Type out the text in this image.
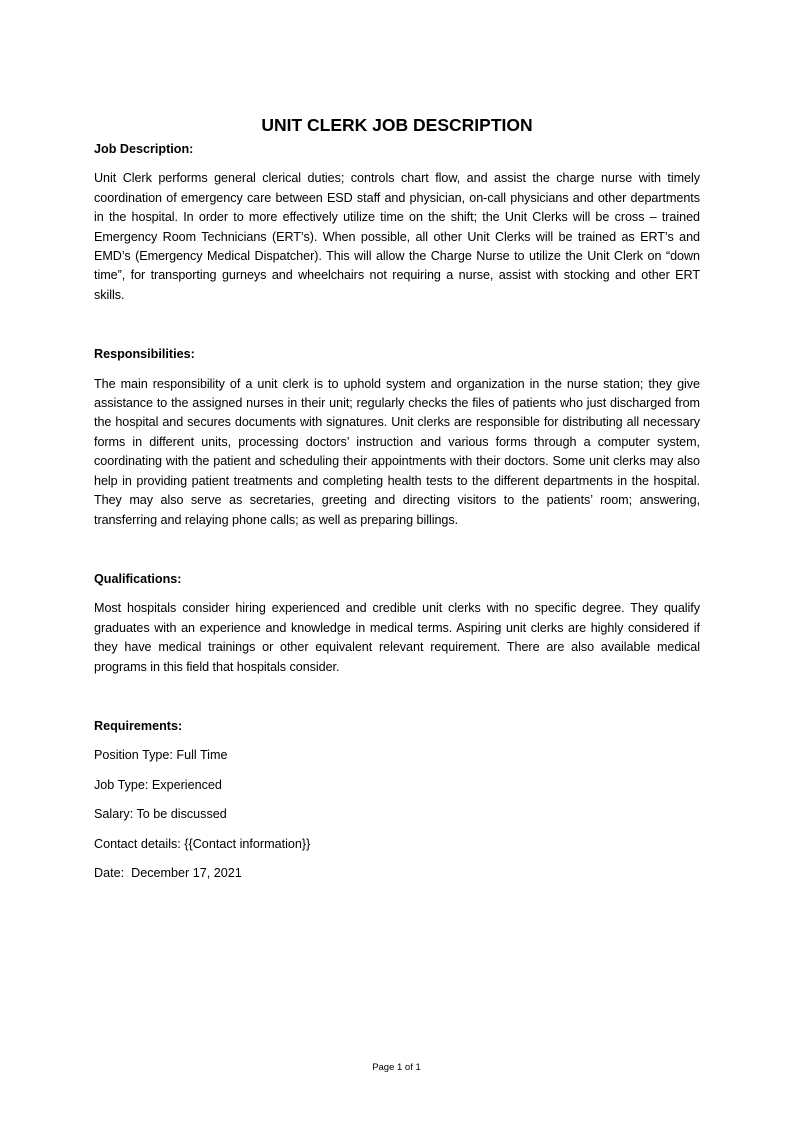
UNIT CLERK JOB DESCRIPTION

Job Description:

Unit Clerk performs general clerical duties; controls chart flow, and assist the charge nurse with timely coordination of emergency care between ESD staff and physician, on-call physicians and other departments in the hospital. In order to more effectively utilize time on the shift; the Unit Clerks will be cross – trained Emergency Room Technicians (ERT’s). When possible, all other Unit Clerks will be trained as ERT’s and EMD’s (Emergency Medical Dispatcher). This will allow the Charge Nurse to utilize the Unit Clerk on “down time”, for transporting gurneys and wheelchairs not requiring a nurse, assist with stocking and other ERT skills.

Responsibilities:

The main responsibility of a unit clerk is to uphold system and organization in the nurse station; they give assistance to the assigned nurses in their unit; regularly checks the files of patients who just discharged from the hospital and secures documents with signatures. Unit clerks are responsible for distributing all necessary forms in different units, processing doctors’ instruction and various forms through a computer system, coordinating with the patient and scheduling their appointments with their doctors. Some unit clerks may also help in providing patient treatments and completing health tests to the different departments in the hospital. They may also serve as secretaries, greeting and directing visitors to the patients’ room; answering, transferring and relaying phone calls; as well as preparing billings.

Qualifications:

Most hospitals consider hiring experienced and credible unit clerks with no specific degree. They qualify graduates with an experience and knowledge in medical terms. Aspiring unit clerks are highly considered if they have medical trainings or other equivalent relevant requirement. There are also available medical programs in this field that hospitals consider.

Requirements:

Position Type: Full Time

Job Type: Experienced

Salary: To be discussed

Contact details: {{Contact information}}

Date:  December 17, 2021

Page 1 of 1
